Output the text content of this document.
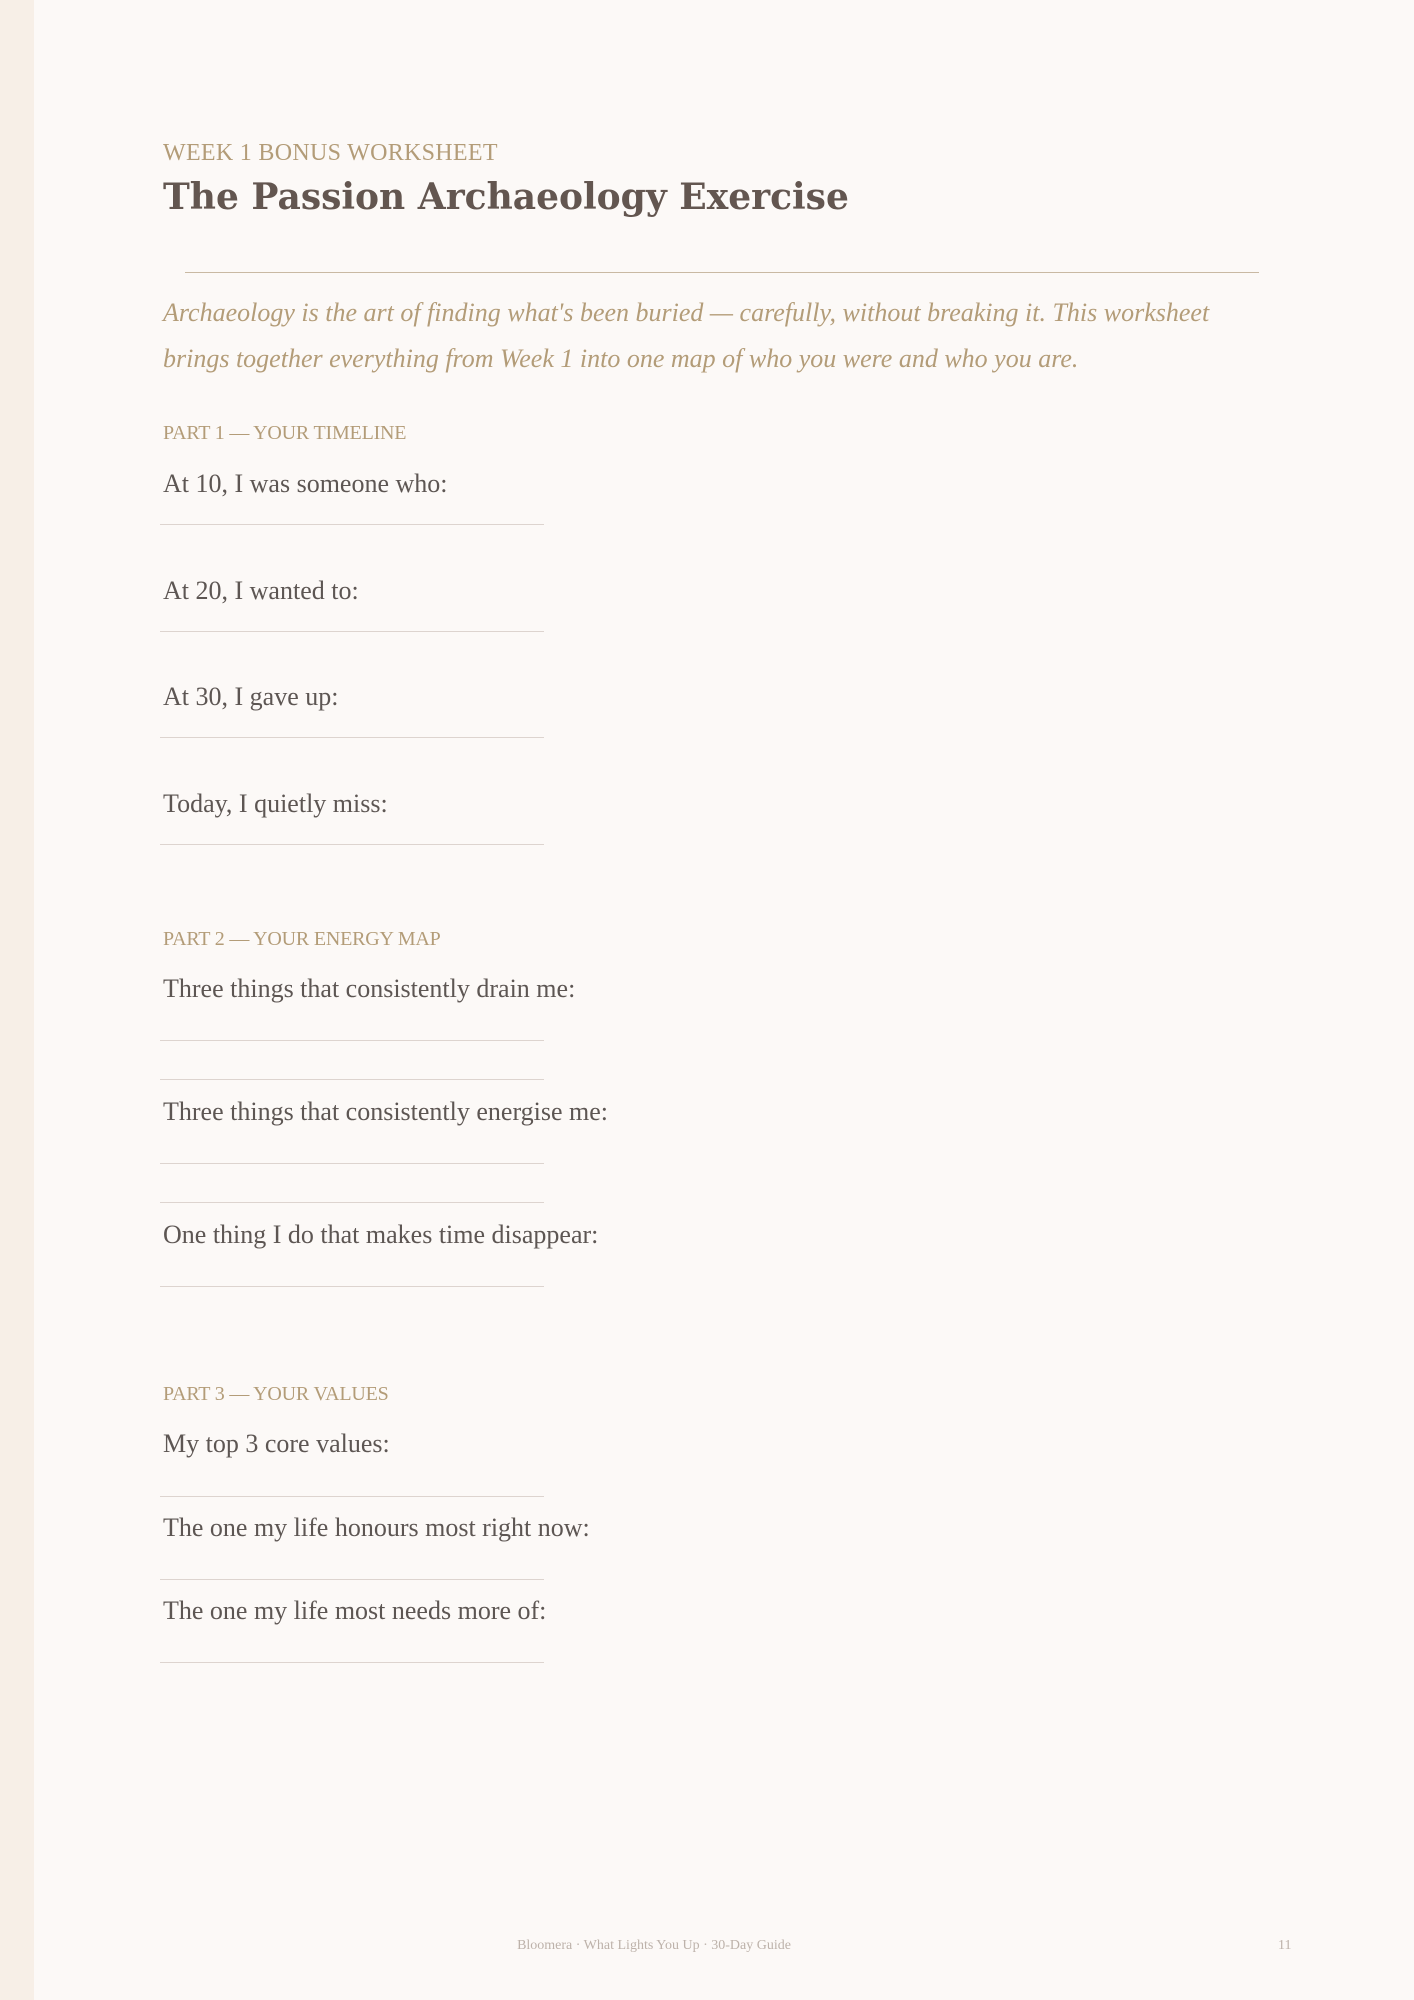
WEEK 1 BONUS WORKSHEET
The Passion Archaeology Exercise
Archaeology is the art of finding what's been buried — carefully, without breaking it. This worksheet brings together everything from Week 1 into one map of who you were and who you are.
PART 1 — YOUR TIMELINE
At 10, I was someone who:
At 20, I wanted to:
At 30, I gave up:
Today, I quietly miss:
PART 2 — YOUR ENERGY MAP
Three things that consistently drain me:
Three things that consistently energise me:
One thing I do that makes time disappear:
PART 3 — YOUR VALUES
My top 3 core values:
The one my life honours most right now:
The one my life most needs more of:
Bloomera · What Lights You Up · 30-Day Guide	11
